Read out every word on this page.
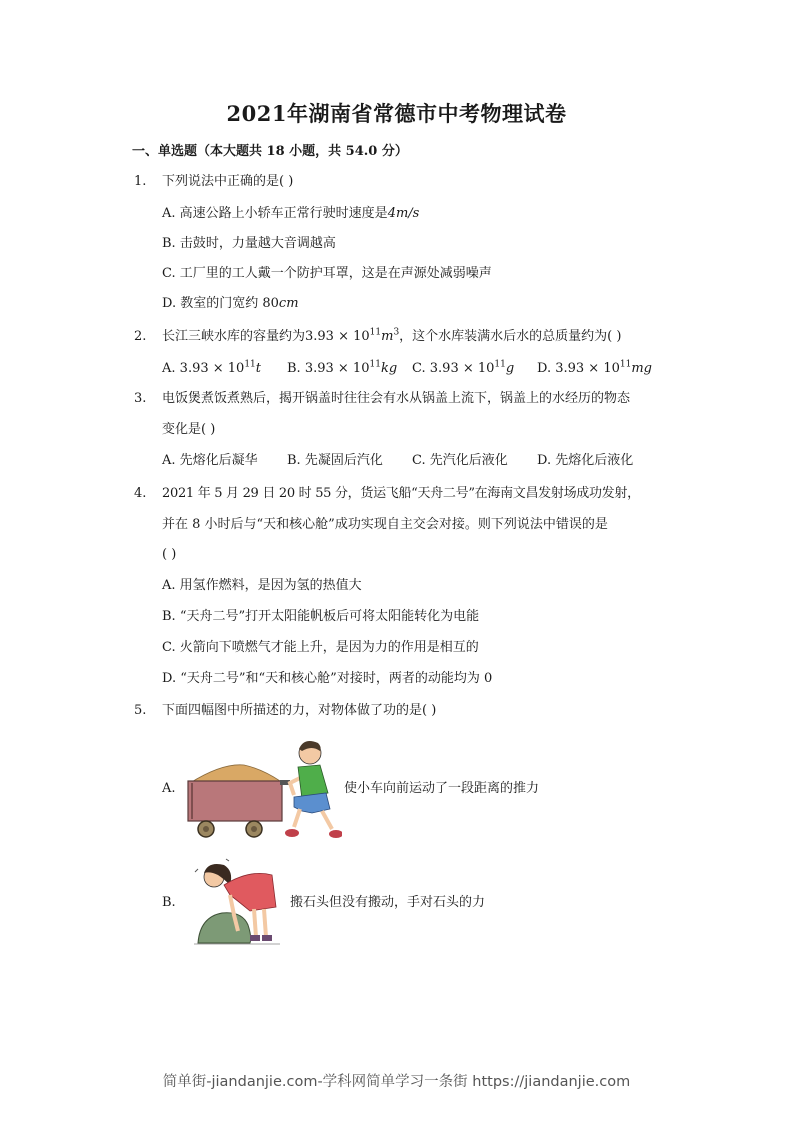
2021年湖南省常德市中考物理试卷
一、单选题（本大题共 18 小题，共 54.0 分）
1. 下列说法中正确的是( )
A. 高速公路上小轿车正常行驶时速度是4m/s
B. 击鼓时，力量越大音调越高
C. 工厂里的工人戴一个防护耳罩，这是在声源处减弱噪声
D. 教室的门宽约 80cm
2. 长江三峡水库的容量约为$3.93 \times 10^{11}m^3$，这个水库装满水后水的总质量约为( )
A. $3.93 \times 10^{11}t$ B. $3.93 \times 10^{11}kg$ C. $3.93 \times 10^{11}g$ D. $3.93 \times 10^{11}mg$
3. 电饭煲煮饭煮熟后，揭开锅盖时往往会有水从锅盖上流下，锅盖上的水经历的物态
变化是( )
A. 先熔化后凝华 B. 先凝固后汽化 C. 先汽化后液化 D. 先熔化后液化
4. 2021 年 5 月 29 日 20 时 55 分，货运飞船“天舟二号”在海南文昌发射场成功发射，
并在 8 小时后与“天和核心舱”成功实现自主交会对接。则下列说法中错误的是
( )
A. 用氢作燃料，是因为氢的热值大
B. “天舟二号”打开太阳能帆板后可将太阳能转化为电能
C. 火箭向下喷燃气才能上升，是因为力的作用是相互的
D. “天舟二号”和“天和核心舱”对接时，两者的动能均为 0
5. 下面四幅图中所描述的力，对物体做了功的是( )
A.	使小车向前运动了一段距离的推力
B.	搬石头但没有搬动，手对石头的力
简单街-jiandanjie.com-学科网简单学习一条街 https://jiandanjie.com
